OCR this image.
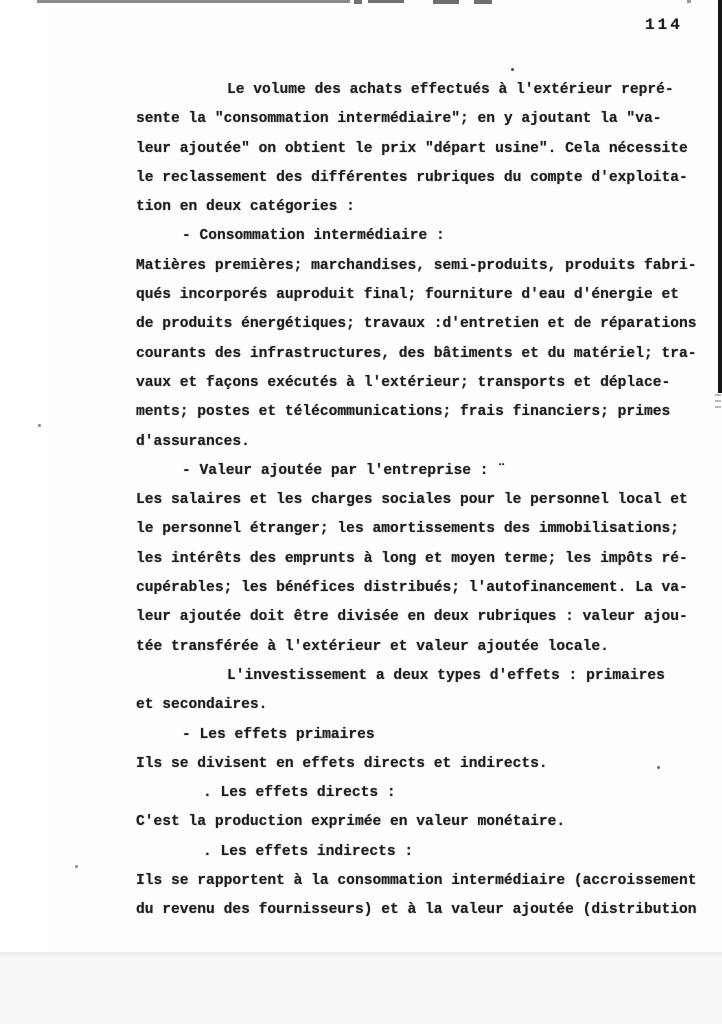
114
Le volume des achats effectués à l'extérieur repré-
sente la "consommation intermédiaire"; en y ajoutant la "va-
leur ajoutée" on obtient le prix "départ usine". Cela nécessite
le reclassement des différentes rubriques du compte d'exploita-
tion en deux catégories :
- Consommation intermédiaire :
Matières premières; marchandises, semi-produits, produits fabri-
qués incorporés auproduit final; fourniture d'eau d'énergie et
de produits énergétiques; travaux :d'entretien et de réparations
courants des infrastructures, des bâtiments et du matériel; tra-
vaux et façons exécutés à l'extérieur; transports et déplace-
ments; postes et télécommunications; frais financiers; primes
d'assurances.
- Valeur ajoutée par l'entreprise : ¨
Les salaires et les charges sociales pour le personnel local et
le personnel étranger; les amortissements des immobilisations;
les intérêts des emprunts à long et moyen terme; les impôts ré-
cupérables; les bénéfices distribués; l'autofinancement. La va-
leur ajoutée doit être divisée en deux rubriques : valeur ajou-
tée transférée à l'extérieur et valeur ajoutée locale.
L'investissement a deux types d'effets : primaires
et secondaires.
- Les effets primaires
Ils se divisent en effets directs et indirects.
. Les effets directs :
C'est la production exprimée en valeur monétaire.
. Les effets indirects :
Ils se rapportent à la consommation intermédiaire (accroissement
du revenu des fournisseurs) et à la valeur ajoutée (distribution
